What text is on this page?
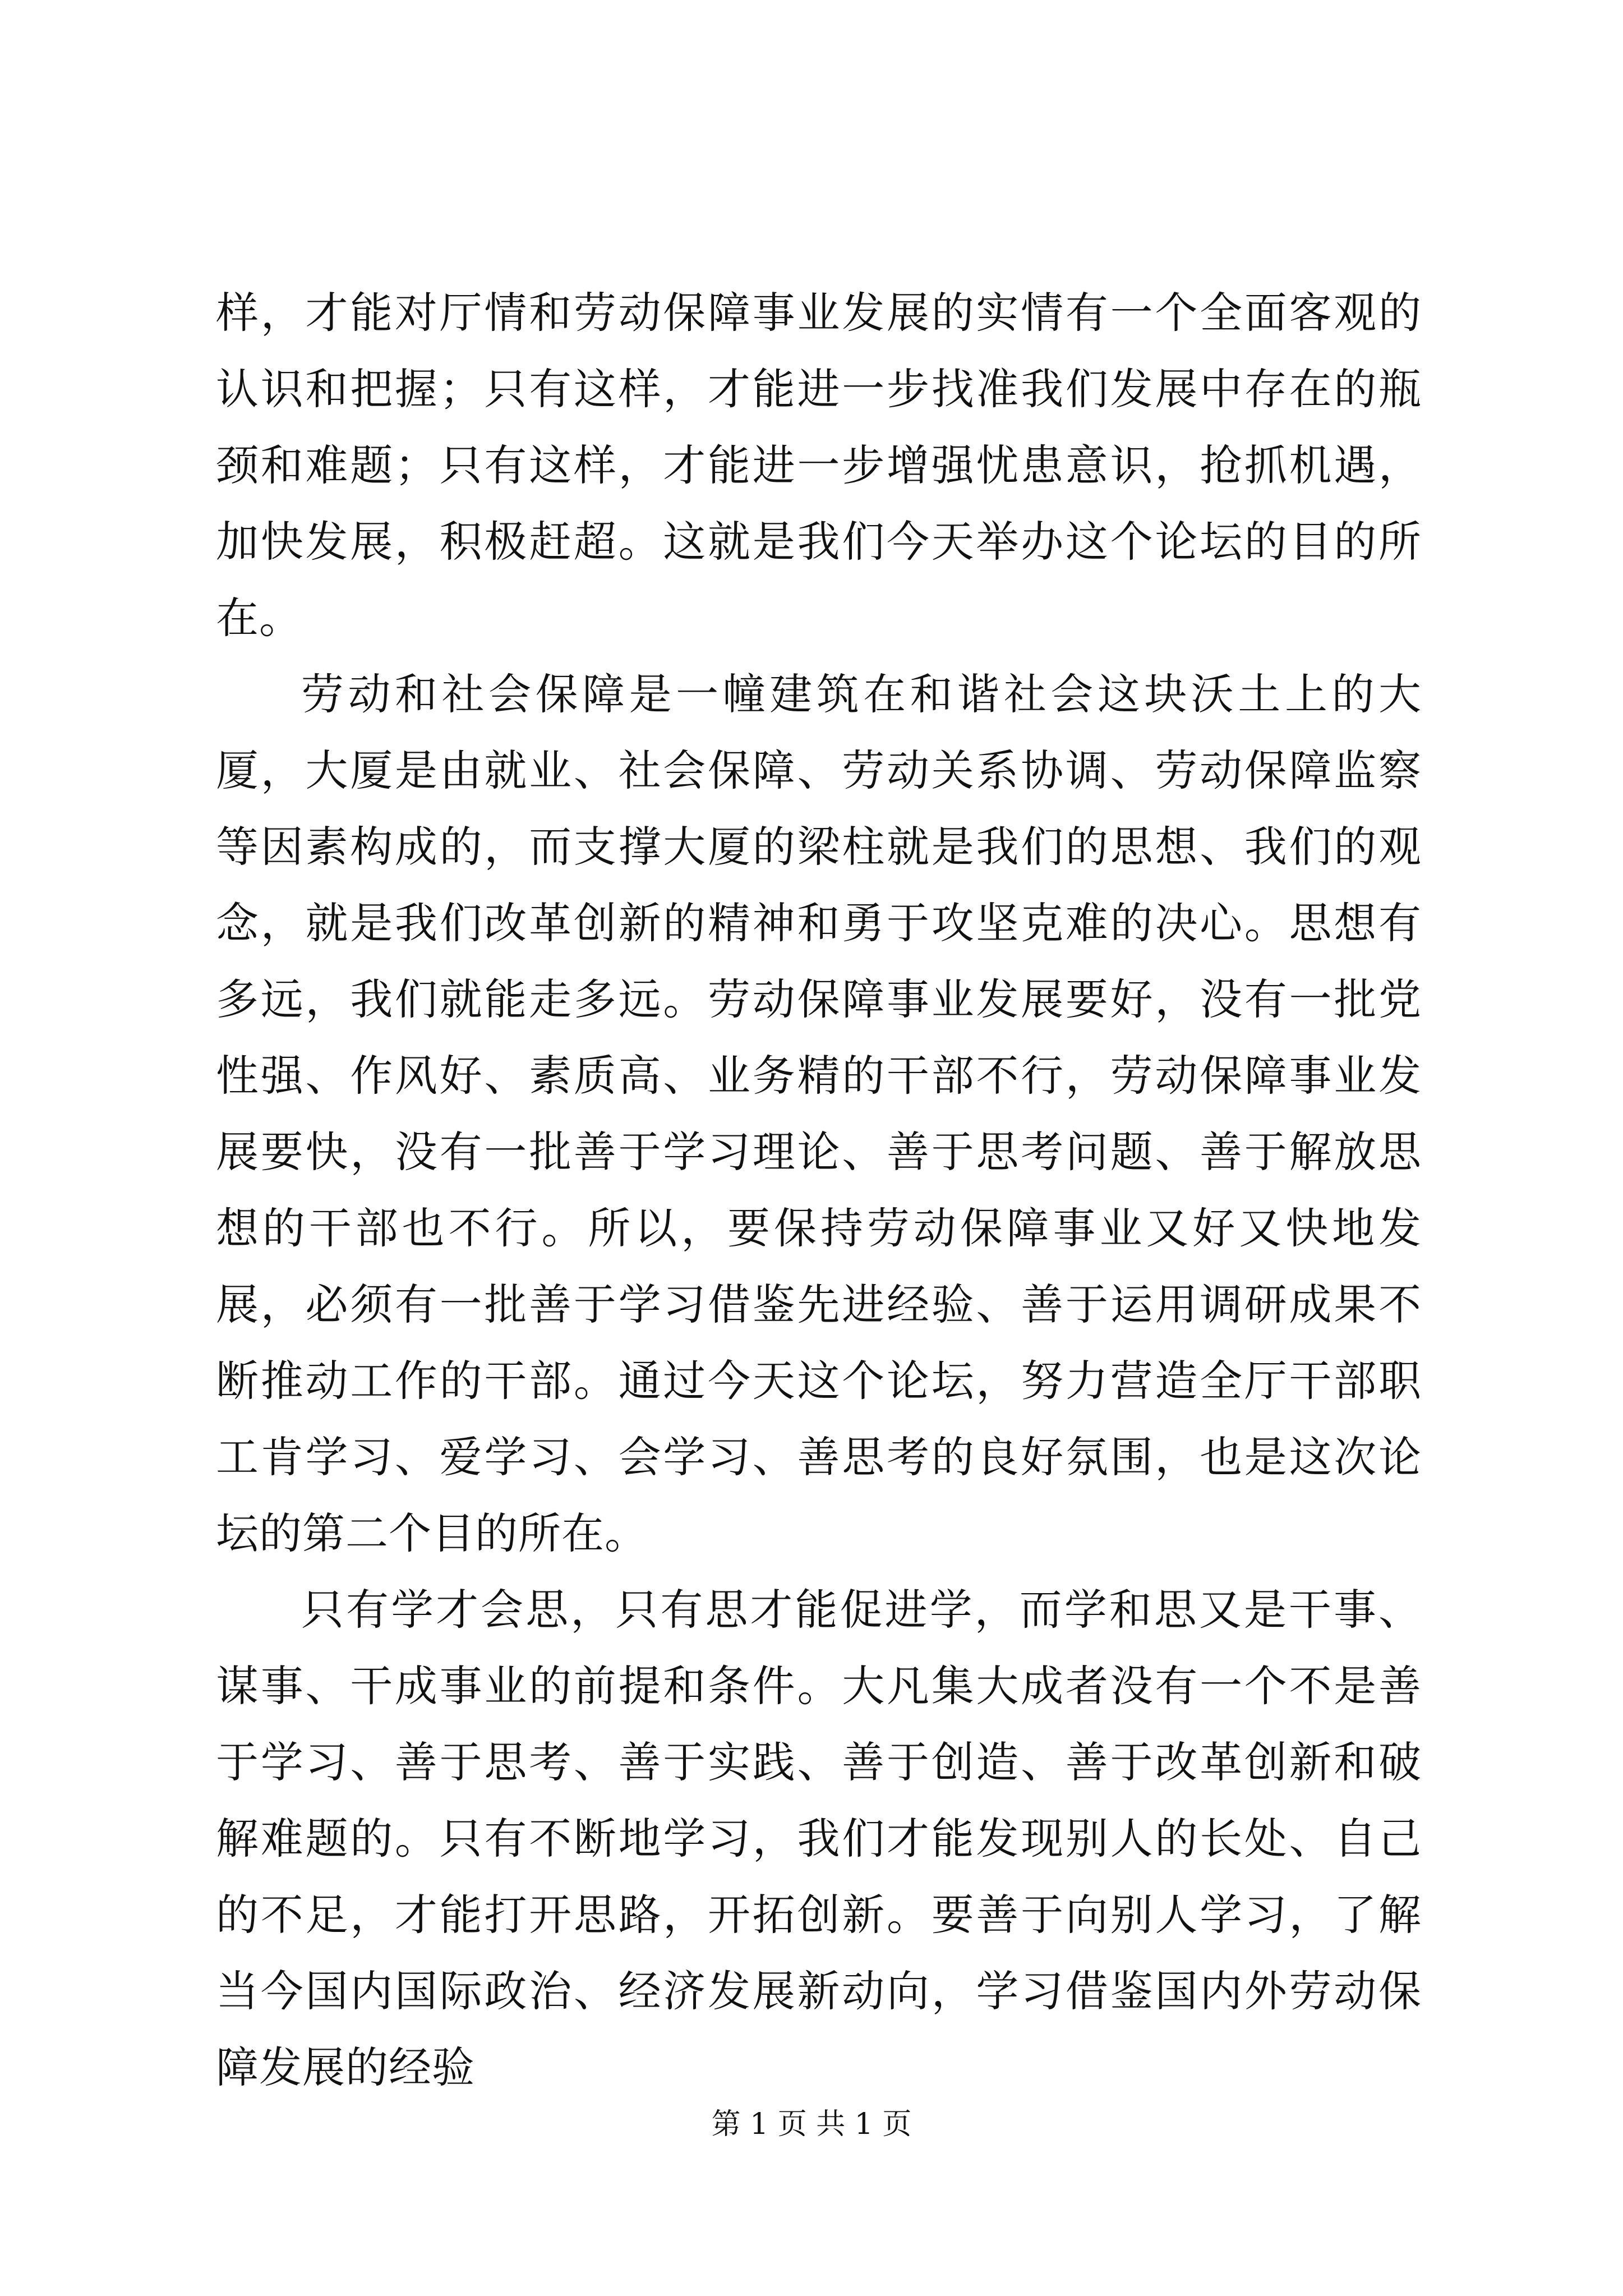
样，才能对厅情和劳动保障事业发展的实情有一个全面客观的认识和把握；只有这样，才能进一步找准我们发展中存在的瓶颈和难题；只有这样，才能进一步增强忧患意识，抢抓机遇，加快发展，积极赶超。这就是我们今天举办这个论坛的目的所在。

劳动和社会保障是一幢建筑在和谐社会这块沃土上的大厦，大厦是由就业、社会保障、劳动关系协调、劳动保障监察等因素构成的，而支撑大厦的梁柱就是我们的思想、我们的观念，就是我们改革创新的精神和勇于攻坚克难的决心。思想有多远，我们就能走多远。劳动保障事业发展要好，没有一批党性强、作风好、素质高、业务精的干部不行，劳动保障事业发展要快，没有一批善于学习理论、善于思考问题、善于解放思想的干部也不行。所以，要保持劳动保障事业又好又快地发展，必须有一批善于学习借鉴先进经验、善于运用调研成果不断推动工作的干部。通过今天这个论坛，努力营造全厅干部职工肯学习、爱学习、会学习、善思考的良好氛围，也是这次论坛的第二个目的所在。

只有学才会思，只有思才能促进学，而学和思又是干事、谋事、干成事业的前提和条件。大凡集大成者没有一个不是善于学习、善于思考、善于实践、善于创造、善于改革创新和破解难题的。只有不断地学习，我们才能发现别人的长处、自己的不足，才能打开思路，开拓创新。要善于向别人学习，了解当今国内国际政治、经济发展新动向，学习借鉴国内外劳动保障发展的经验

第 1 页 共 1 页
